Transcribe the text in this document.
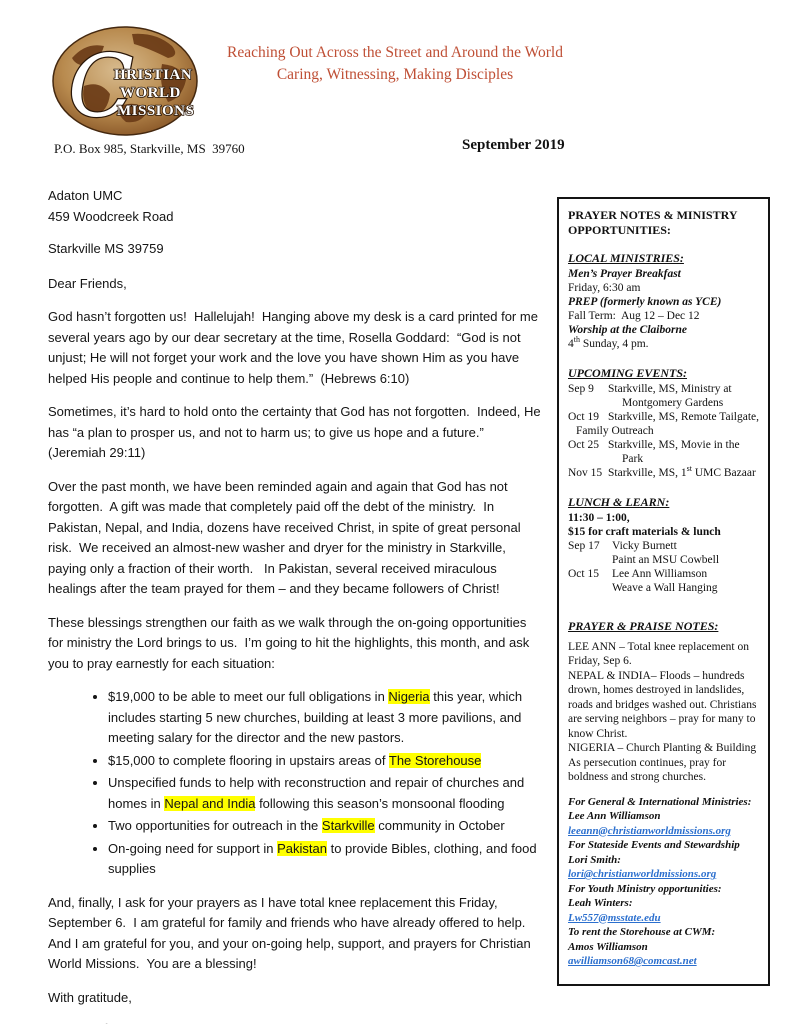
C
HRISTIAN
WORLD
MISSIONS
Reaching Out Across the Street and Around the World
Caring, Witnessing, Making Disciples
P.O. Box 985, Starkville, MS  39760	September 2019
Adaton UMC
459 Woodcreek Road
Starkville MS 39759

Dear Friends,

God hasn’t forgotten us!  Hallelujah!  Hanging above my desk is a card printed for me several years ago by our dear secretary at the time, Rosella Goddard:  “God is not unjust; He will not forget your work and the love you have shown Him as you have helped His people and continue to help them.”  (Hebrews 6:10)

Sometimes, it’s hard to hold onto the certainty that God has not forgotten.  Indeed, He has “a plan to prosper us, and not to harm us; to give us hope and a future.”  (Jeremiah 29:11)

Over the past month, we have been reminded again and again that God has not forgotten.  A gift was made that completely paid off the debt of the ministry.  In Pakistan, Nepal, and India, dozens have received Christ, in spite of great personal risk.  We received an almost-new washer and dryer for the ministry in Starkville, paying only a fraction of their worth.   In Pakistan, several received miraculous healings after the team prayed for them – and they became followers of Christ!

These blessings strengthen our faith as we walk through the on-going opportunities for ministry the Lord brings to us.  I’m going to hit the highlights, this month, and ask you to pray earnestly for each situation:

• $19,000 to be able to meet our full obligations in Nigeria this year, which includes starting 5 new churches, building at least 3 more pavilions, and meeting salary for the director and the new pastors.
• $15,000 to complete flooring in upstairs areas of The Storehouse
• Unspecified funds to help with reconstruction and repair of churches and homes in Nepal and India following this season’s monsoonal flooding
• Two opportunities for outreach in the Starkville community in October
• On-going need for support in Pakistan to provide Bibles, clothing, and food supplies

And, finally, I ask for your prayers as I have total knee replacement this Friday, September 6.  I am grateful for family and friends who have already offered to help.  And I am grateful for you, and your on-going help, support, and prayers for Christian World Missions.  You are a blessing!

With gratitude,

PRAYER NOTES & MINISTRY OPPORTUNITIES:
LOCAL MINISTRIES:
Men’s Prayer Breakfast
Friday, 6:30 am
PREP (formerly known as YCE)
Fall Term:  Aug 12 – Dec 12
Worship at the Claiborne
4th Sunday, 4 pm.
UPCOMING EVENTS:
Sep 9	Starkville, MS, Ministry at
Montgomery Gardens
Oct 19 Starkville, MS, Remote Tailgate,
Family Outreach
Oct 25 Starkville, MS, Movie in the
Park
Nov 15 Starkville, MS, 1st UMC Bazaar
LUNCH & LEARN:
11:30 – 1:00,
$15 for craft materials & lunch
Sep 17	Vicky Burnett
Paint an MSU Cowbell
Oct 15	Lee Ann Williamson
Weave a Wall Hanging
PRAYER & PRAISE NOTES:

LEE ANN – Total knee replacement on Friday, Sep 6.

NEPAL & INDIA– Floods – hundreds drown, homes destroyed in landslides, roads and bridges washed out. Christians are serving neighbors – pray for many to know Christ.

NIGERIA – Church Planting & Building As persecution continues, pray for boldness and strong churches.

For General & International Ministries:
Lee Ann Williamson
leeann@christianworldmissions.org
For Stateside Events and Stewardship
Lori Smith:
lori@christianworldmissions.org
For Youth Ministry opportunities:
Leah Winters:
Lw557@msstate.edu
To rent the Storehouse at CWM:
Amos Williamson
awilliamson68@comcast.net
